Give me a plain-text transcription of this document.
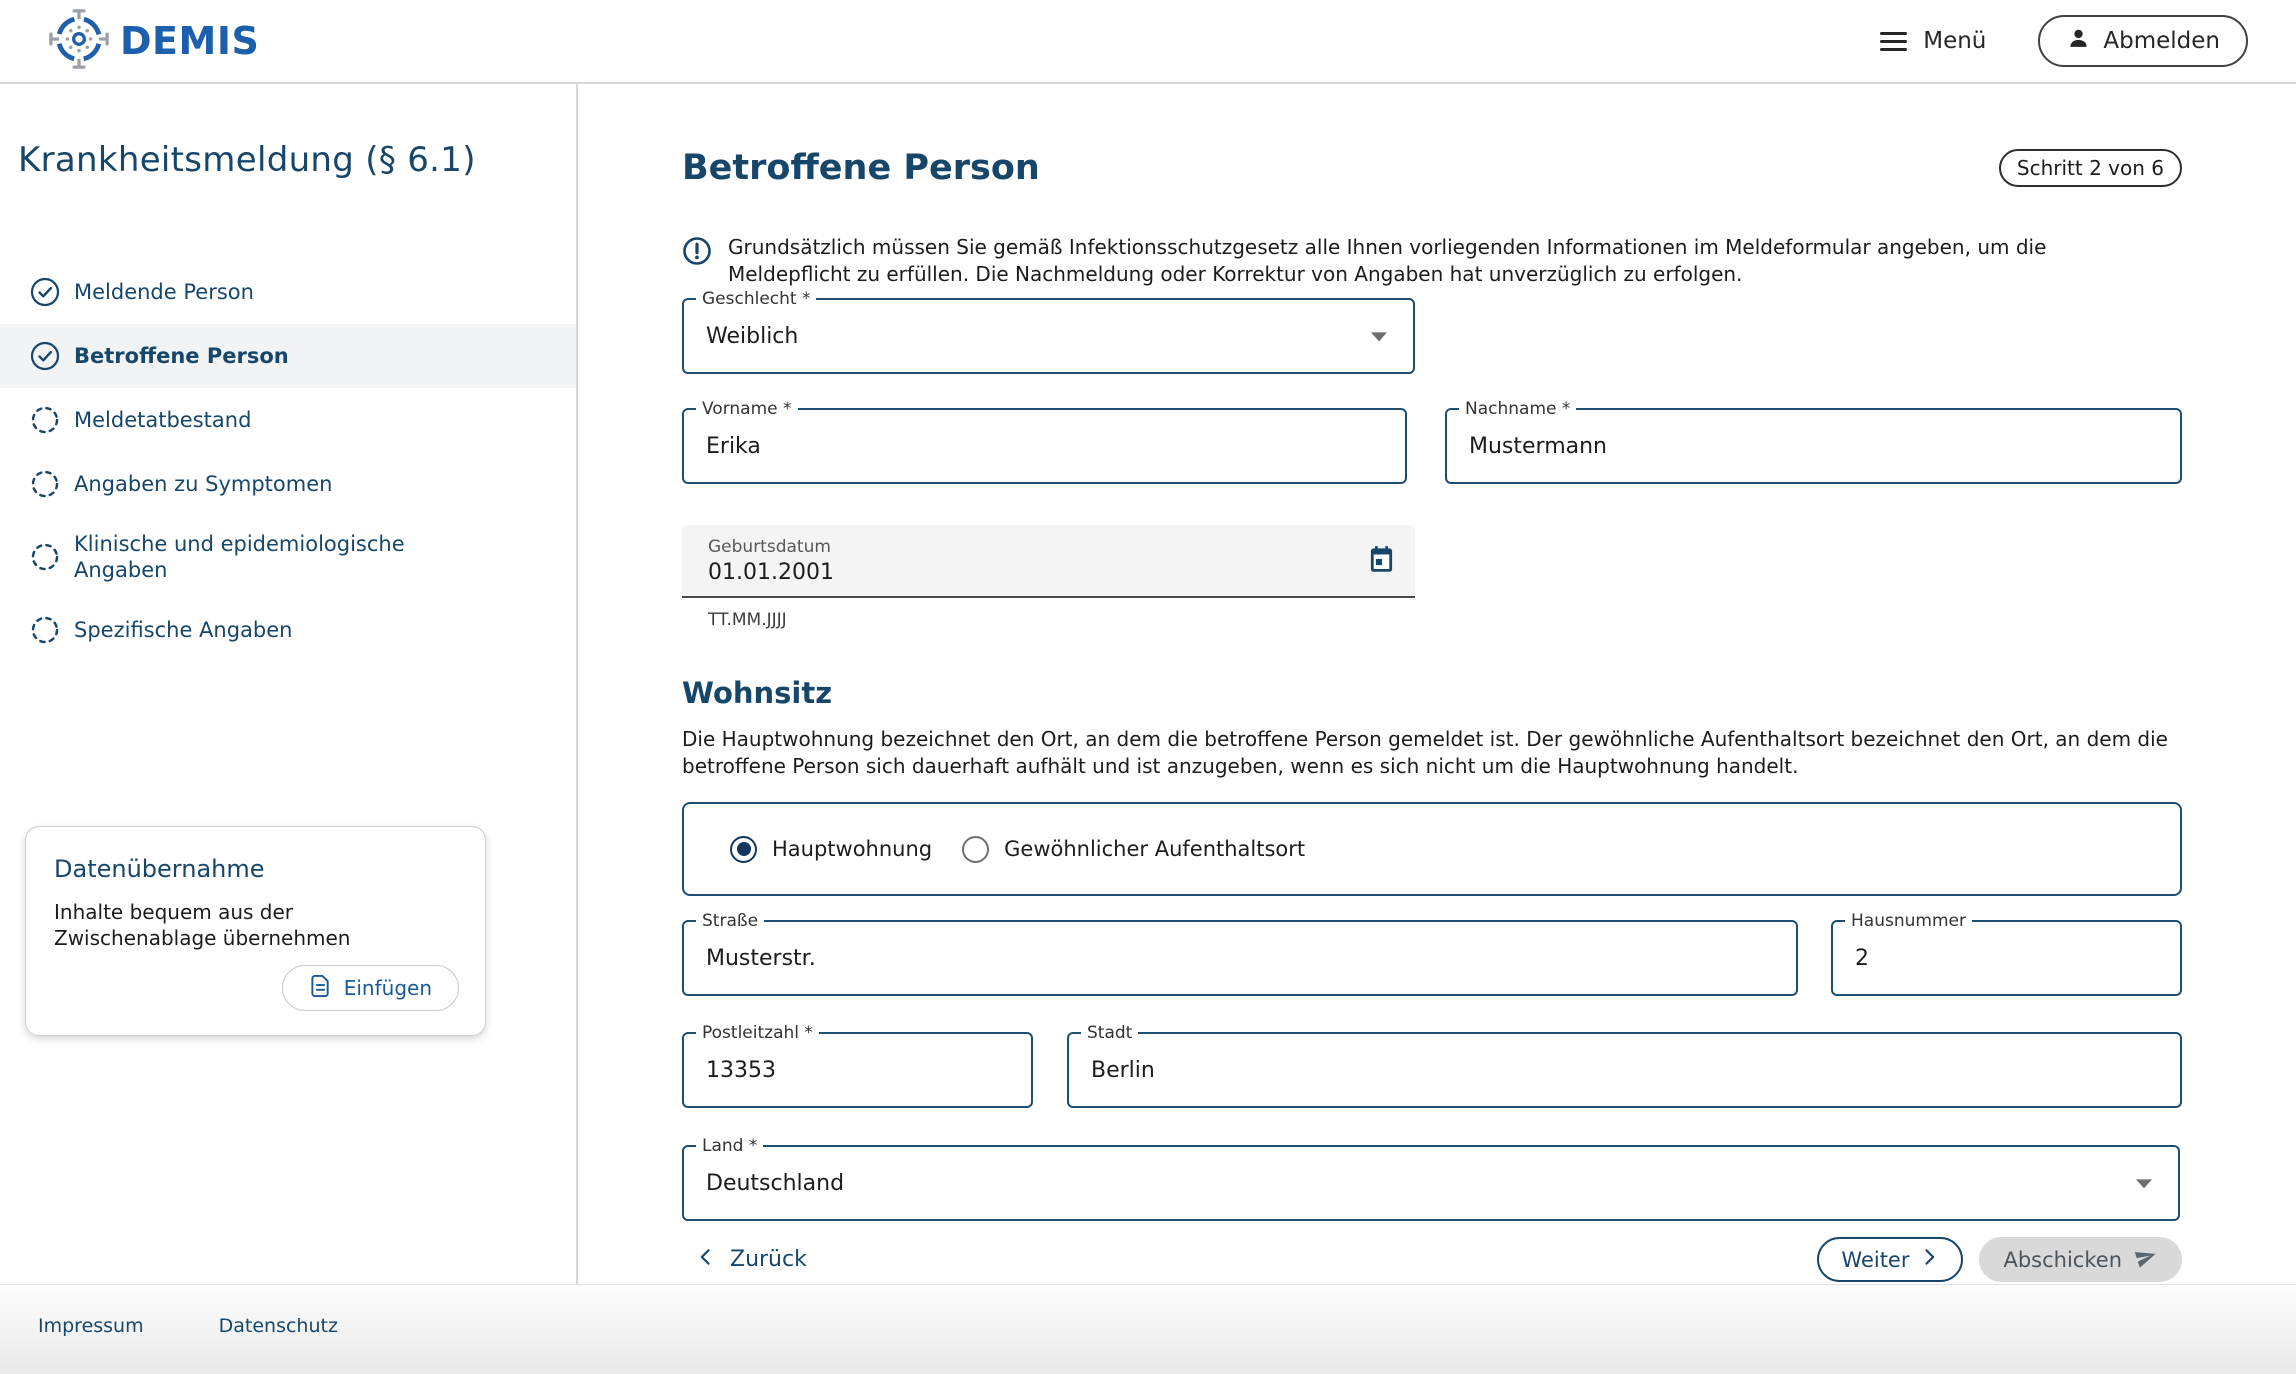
DEMIS	Menü	Abmelden
Krankheitsmeldung (§ 6.1)
Meldende Person
Betroffene Person
Meldetatbestand
Angaben zu Symptomen
Klinische und epidemiologische Angaben
Spezifische Angaben
Datenübernahme
Inhalte bequem aus der Zwischenablage übernehmen
Einfügen
Betroffene Person	Schritt 2 von 6

Grundsätzlich müssen Sie gemäß Infektionsschutzgesetz alle Ihnen vorliegenden Informationen im Meldeformular angeben, um die Meldepflicht zu erfüllen. Die Nachmeldung oder Korrektur von Angaben hat unverzüglich zu erfolgen.

Geschlecht *
Weiblich
Vorname *
Erika
Nachname *
Mustermann
Geburtsdatum
01.01.2001
TT.MM.JJJJ
Wohnsitz

Die Hauptwohnung bezeichnet den Ort, an dem die betroffene Person gemeldet ist. Der gewöhnliche Aufenthaltsort bezeichnet den Ort, an dem die betroffene Person sich dauerhaft aufhält und ist anzugeben, wenn es sich nicht um die Hauptwohnung handelt.

Hauptwohnung	Gewöhnlicher Aufenthaltsort
Straße
Musterstr.
Hausnummer
2
Postleitzahl *
13353
Stadt
Berlin
Land *
Deutschland
Zurück	Weiter	Abschicken
Impressum	Datenschutz
